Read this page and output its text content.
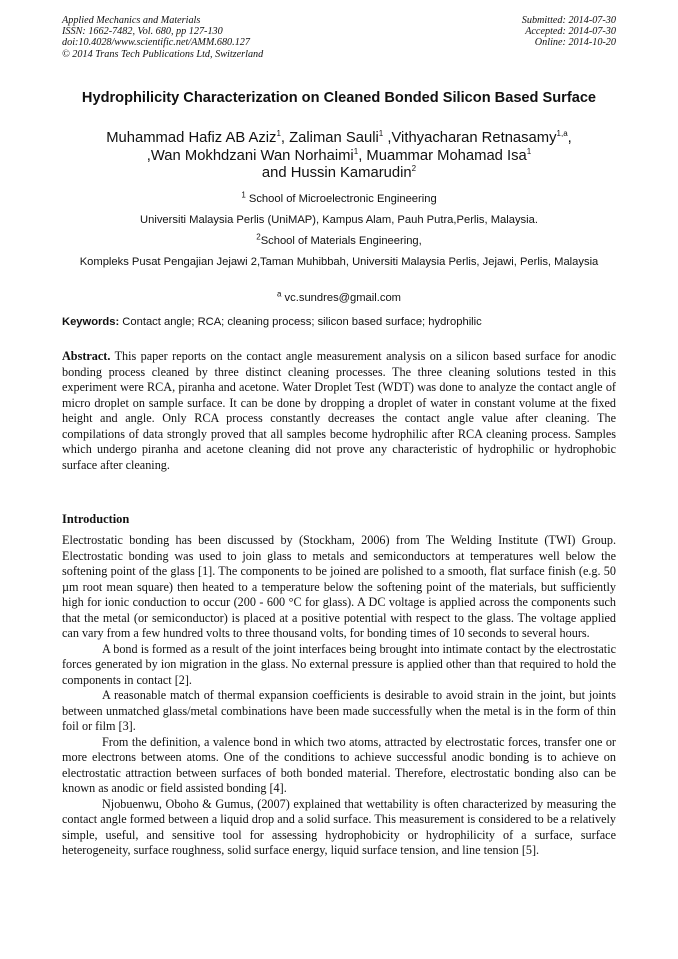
Applied Mechanics and Materials
ISSN: 1662-7482, Vol. 680, pp 127-130
doi:10.4028/www.scientific.net/AMM.680.127
© 2014 Trans Tech Publications Ltd, Switzerland
Submitted: 2014-07-30
Accepted: 2014-07-30
Online: 2014-10-20
Hydrophilicity Characterization on Cleaned Bonded Silicon Based Surface
Muhammad Hafiz AB Aziz$^1$, Zaliman Sauli$^1$ ,Vithyacharan Retnasamy$^{1,a}$,
,Wan Mokhdzani Wan Norhaimi$^1$, Muammar Mohamad Isa$^1$
and Hussin Kamarudin$^2$
$^1$ School of Microelectronic Engineering
Universiti Malaysia Perlis (UniMAP), Kampus Alam, Pauh Putra,Perlis, Malaysia.
$^2$School of Materials Engineering,
Kompleks Pusat Pengajian Jejawi 2,Taman Muhibbah, Universiti Malaysia Perlis, Jejawi, Perlis, Malaysia
$^a$ vc.sundres@gmail.com
Keywords: Contact angle; RCA; cleaning process; silicon based surface; hydrophilic
Abstract. This paper reports on the contact angle measurement analysis on a silicon based surface for anodic bonding process cleaned by three distinct cleaning processes. The three cleaning solutions tested in this experiment were RCA, piranha and acetone. Water Droplet Test (WDT) was done to analyze the contact angle of micro droplet on sample surface. It can be done by dropping a droplet of water in constant volume at the fixed height and angle. Only RCA process constantly decreases the contact angle value after cleaning. The compilations of data strongly proved that all samples become hydrophilic after RCA cleaning process. Samples which undergo piranha and acetone cleaning did not prove any characteristic of hydrophilic or hydrophobic surface after cleaning.
Introduction

Electrostatic bonding has been discussed by (Stockham, 2006) from The Welding Institute (TWI) Group. Electrostatic bonding was used to join glass to metals and semiconductors at temperatures well below the softening point of the glass [1]. The components to be joined are polished to a smooth, flat surface finish (e.g. 50 µm root mean square) then heated to a temperature below the softening point of the materials, but sufficiently high for ionic conduction to occur (200 - 600 °C for glass). A DC voltage is applied across the components such that the metal (or semiconductor) is placed at a positive potential with respect to the glass. The voltage applied can vary from a few hundred volts to three thousand volts, for bonding times of 10 seconds to several hours.

A bond is formed as a result of the joint interfaces being brought into intimate contact by the electrostatic forces generated by ion migration in the glass. No external pressure is applied other than that required to hold the components in contact [2].

A reasonable match of thermal expansion coefficients is desirable to avoid strain in the joint, but joints between unmatched glass/metal combinations have been made successfully when the metal is in the form of thin foil or film [3].

From the definition, a valence bond in which two atoms, attracted by electrostatic forces, transfer one or more electrons between atoms. One of the conditions to achieve successful anodic bonding is to achieve on electrostatic attraction between surfaces of both bonded material. Therefore, electrostatic bonding also can be known as anodic or field assisted bonding [4].

Njobuenwu, Oboho & Gumus, (2007) explained that wettability is often characterized by measuring the contact angle formed between a liquid drop and a solid surface. This measurement is considered to be a relatively simple, useful, and sensitive tool for assessing hydrophobicity or hydrophilicity of a surface, surface heterogeneity, surface roughness, solid surface energy, liquid surface tension, and line tension [5].
